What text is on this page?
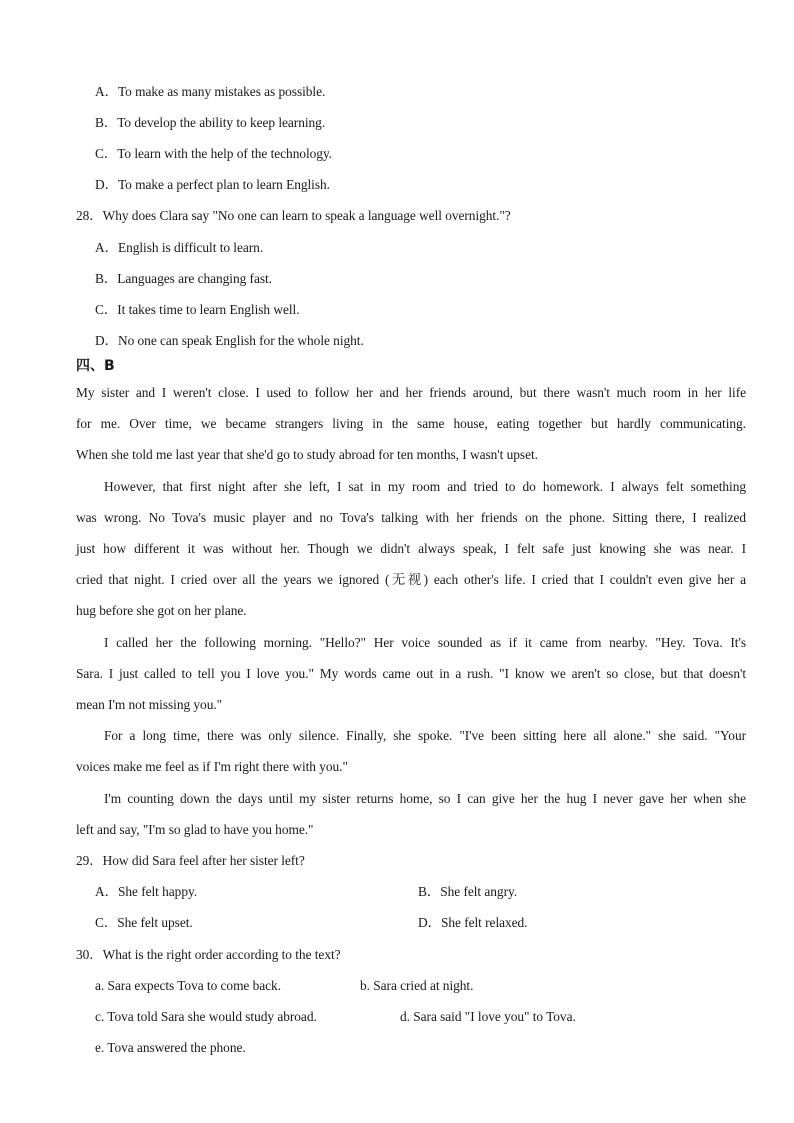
A．To make as many mistakes as possible.
B．To develop the ability to keep learning.
C．To learn with the help of the technology.
D．To make a perfect plan to learn English.
28．Why does Clara say "No one can learn to speak a language well overnight."?
A．English is difficult to learn.
B．Languages are changing fast.
C．It takes time to learn English well.
D．No one can speak English for the whole night.
四、B
My sister and I weren't close. I used to follow her and her friends around, but there wasn't much room in her life
for me. Over time, we became strangers living in the same house, eating together but hardly communicating.
When she told me last year that she'd go to study abroad for ten months, I wasn't upset.
However, that first night after she left, I sat in my room and tried to do homework. I always felt something
was wrong. No Tova's music player and no Tova's talking with her friends on the phone. Sitting there, I realized
just how different it was without her. Though we didn't always speak, I felt safe just knowing she was near. I
cried that night. I cried over all the years we ignored (无视) each other's life. I cried that I couldn't even give her a
hug before she got on her plane.
I called her the following morning. "Hello?" Her voice sounded as if it came from nearby. "Hey. Tova. It's
Sara. I just called to tell you I love you." My words came out in a rush. "I know we aren't so close, but that doesn't
mean I'm not missing you."
For a long time, there was only silence. Finally, she spoke. "I've been sitting here all alone." she said. "Your
voices make me feel as if I'm right there with you."
I'm counting down the days until my sister returns home, so I can give her the hug I never gave her when she
left and say, "I'm so glad to have you home."
29．How did Sara feel after her sister left?
A．She felt happy.	B．She felt angry.
C．She felt upset.	D．She felt relaxed.
30．What is the right order according to the text?
a. Sara expects Tova to come back.	b. Sara cried at night.
c. Tova told Sara she would study abroad.	d. Sara said "I love you" to Tova.
e. Tova answered the phone.
